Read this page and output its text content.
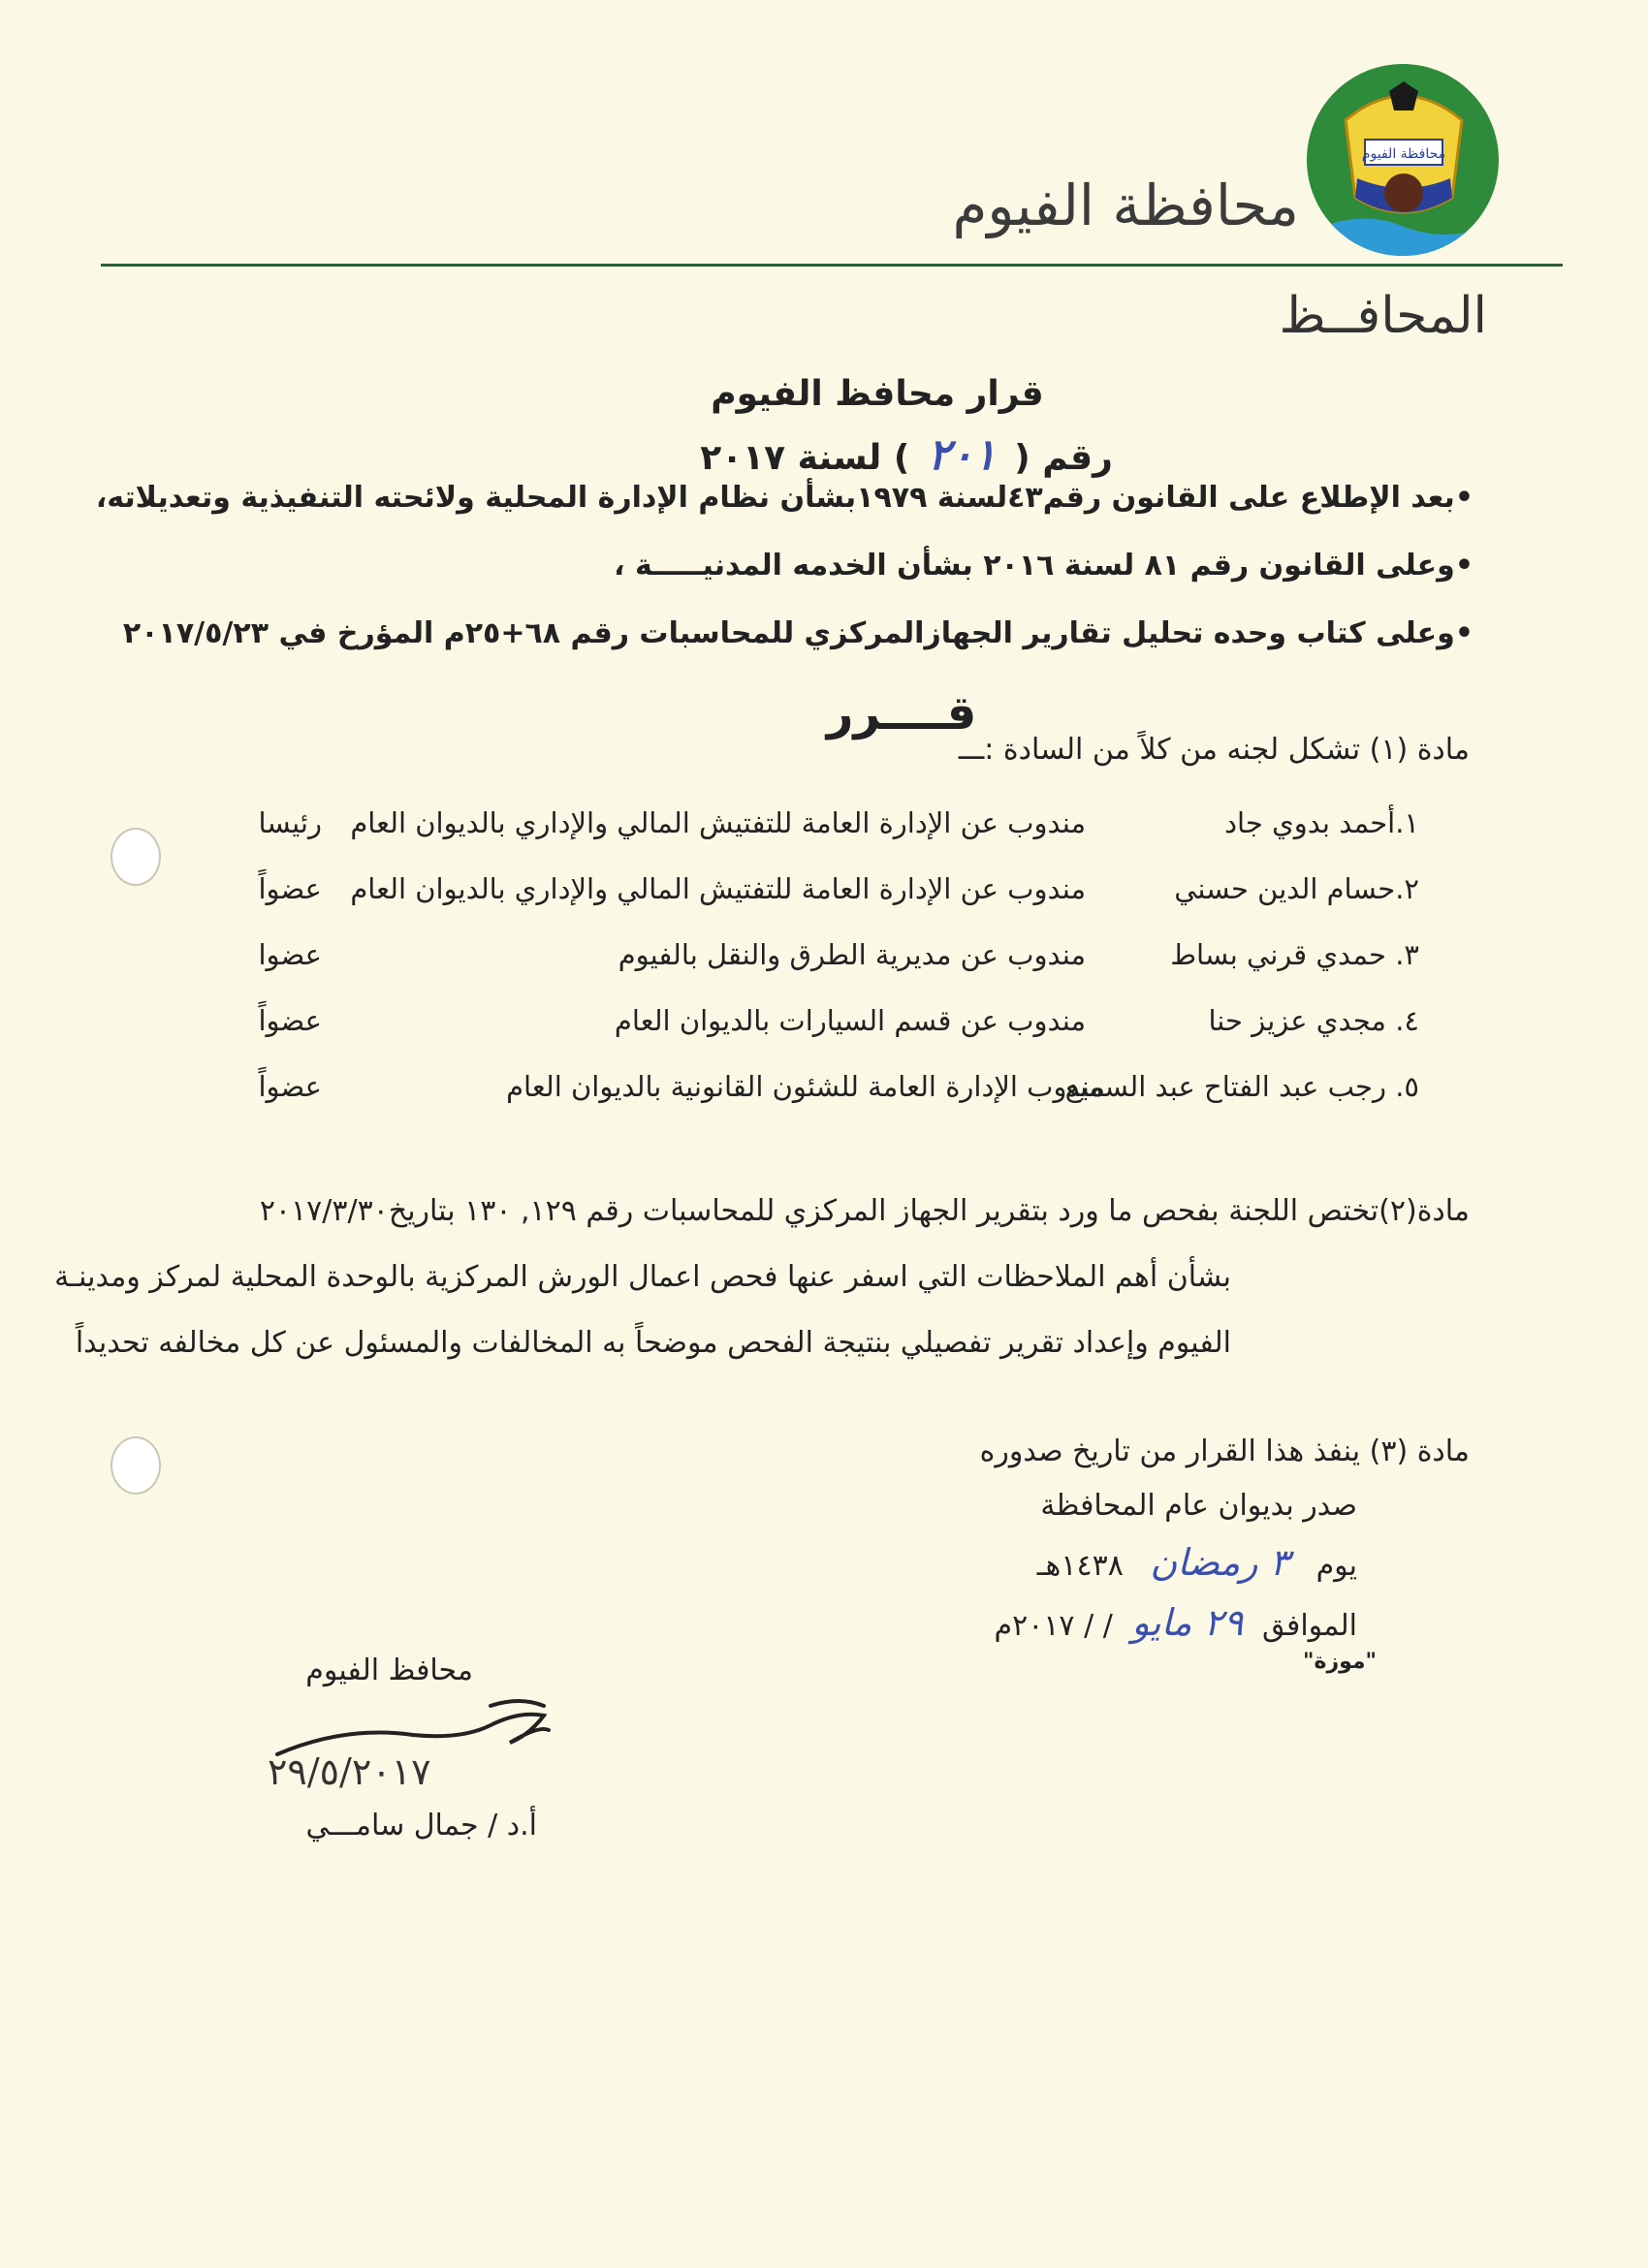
محافظة الفيوم
محافظة الفيوم
المحافــظ
قرار محافظ الفيوم
رقم ( ٢٠١ ) لسنة ٢٠١٧
•بعد الإطلاع على القانون رقم٤٣لسنة ١٩٧٩بشأن نظام الإدارة المحلية ولائحته التنفيذية وتعديلاته،
•وعلى القانون رقم ٨١ لسنة ٢٠١٦ بشأن الخدمه المدنيـــــة ،
•وعلى كتاب وحده تحليل تقارير الجهازالمركزي للمحاسبات رقم ٦٨+٢٥م المؤرخ في ٢٠١٧/٥/٢٣
قــــرر
مادة (١) تشكل لجنه من كلاً من السادة :ـــ
١.أحمد بدوي جاد
مندوب عن الإدارة العامة للتفتيش المالي والإداري بالديوان العام
رئيسا
٢.حسام الدين حسني
مندوب عن الإدارة العامة للتفتيش المالي والإداري بالديوان العام
عضواً
٣. حمدي قرني بساط
مندوب عن مديرية الطرق والنقل بالفيوم
عضوا
٤. مجدي عزيز حنا
مندوب عن قسم السيارات بالديوان العام
عضواً
٥. رجب عبد الفتاح عبد السميع
مندوب الإدارة العامة للشئون القانونية بالديوان العام
عضواً

مادة(٢)تختص اللجنة بفحص ما ورد بتقرير الجهاز المركزي للمحاسبات رقم ١٢٩, ١٣٠ بتاريخ٢٠١٧/٣/٣٠

بشأن أهم الملاحظات التي اسفر عنها فحص اعمال الورش المركزية بالوحدة المحلية لمركز ومدينـة

الفيوم وإعداد تقرير تفصيلي بنتيجة الفحص موضحاً به المخالفات والمسئول عن كل مخالفه تحديداً

مادة (٣) ينفذ هذا القرار من تاريخ صدوره
صدر بديوان عام المحافظة
يوم ٣ رمضان ١٤٣٨هـ
الموافق ٢٩ مايو / / ٢٠١٧م
"موزة"
محافظ الفيوم
٢٩/٥/٢٠١٧
أ.د / جمال سامـــي
